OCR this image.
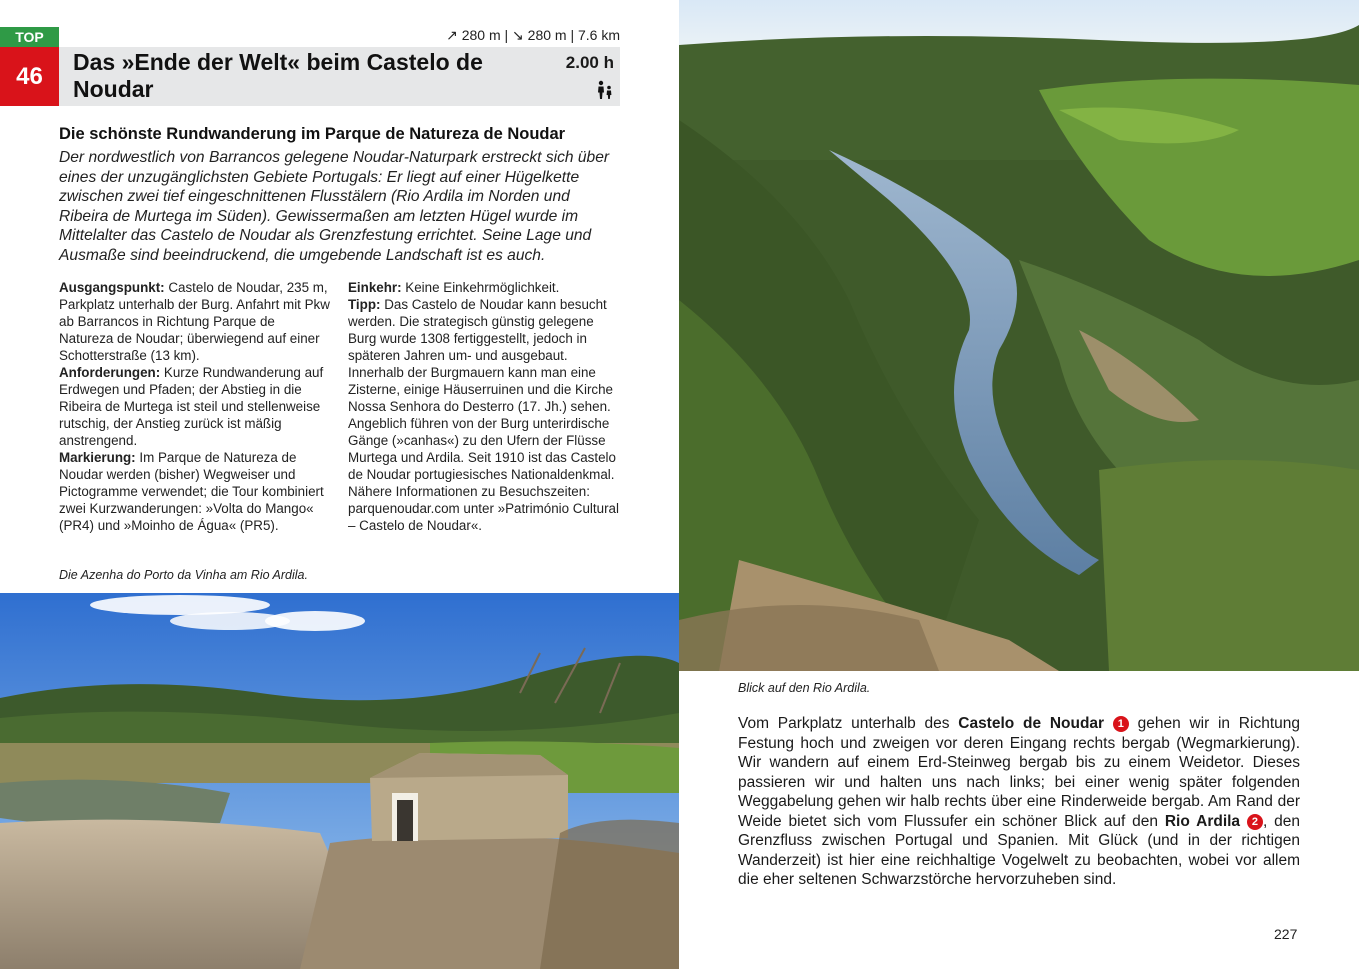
TOP
46
↗ 280 m | ↘ 280 m | 7.6 km
Das »Ende der Welt« beim Castelo de Noudar
2.00 h
Die schönste Rundwanderung im Parque de Natureza de Noudar
Der nordwestlich von Barrancos gelegene Noudar-Naturpark erstreckt sich über eines der unzugänglichsten Gebiete Portugals: Er liegt auf einer Hügelkette zwischen zwei tief eingeschnittenen Flusstälern (Rio Ardila im Norden und Ribeira de Murtega im Süden). Gewissermaßen am letzten Hügel wurde im Mittelalter das Castelo de Noudar als Grenzfestung errichtet. Seine Lage und Ausmaße sind beeindruckend, die umgebende Landschaft ist es auch.
Ausgangspunkt: Castelo de Noudar, 235 m, Parkplatz unterhalb der Burg. Anfahrt mit Pkw ab Barrancos in Richtung Parque de Natureza de Noudar; überwiegend auf einer Schotterstraße (13 km).
Anforderungen: Kurze Rundwanderung auf Erdwegen und Pfaden; der Abstieg in die Ribeira de Murtega ist steil und stellenweise rutschig, der Anstieg zurück ist mäßig anstrengend.
Markierung: Im Parque de Natureza de Noudar werden (bisher) Wegweiser und Pictogramme verwendet; die Tour kombiniert zwei Kurzwanderungen: »Volta do Mango« (PR4) und »Moinho de Água« (PR5).
Einkehr: Keine Einkehrmöglichkeit.
Tipp: Das Castelo de Noudar kann besucht werden. Die strategisch günstig gelegene Burg wurde 1308 fertiggestellt, jedoch in späteren Jahren um- und ausgebaut. Innerhalb der Burgmauern kann man eine Zisterne, einige Häuserruinen und die Kirche Nossa Senhora do Desterro (17. Jh.) sehen. Angeblich führen von der Burg unterirdische Gänge (»canhas«) zu den Ufern der Flüsse Murtega und Ardila. Seit 1910 ist das Castelo de Noudar portugiesisches Nationaldenkmal. Nähere Informationen zu Besuchszeiten: parquenoudar.com unter »Património Cultural – Castelo de Noudar«.
Die Azenha do Porto da Vinha am Rio Ardila.
Blick auf den Rio Ardila.
Vom Parkplatz unterhalb des Castelo de Noudar 1 gehen wir in Richtung Festung hoch und zweigen vor deren Eingang rechts bergab (Wegmarkierung). Wir wandern auf einem Erd-Steinweg bergab bis zu einem Weidetor. Dieses passieren wir und halten uns nach links; bei einer wenig später folgenden Weggabelung gehen wir halb rechts über eine Rinderweide bergab. Am Rand der Weide bietet sich vom Flussufer ein schöner Blick auf den Rio Ardila 2 , den Grenzfluss zwischen Portugal und Spanien. Mit Glück (und in der richtigen Wanderzeit) ist hier eine reichhaltige Vogelwelt zu beobachten, wobei vor allem die eher seltenen Schwarzstörche hervorzuheben sind.
227
